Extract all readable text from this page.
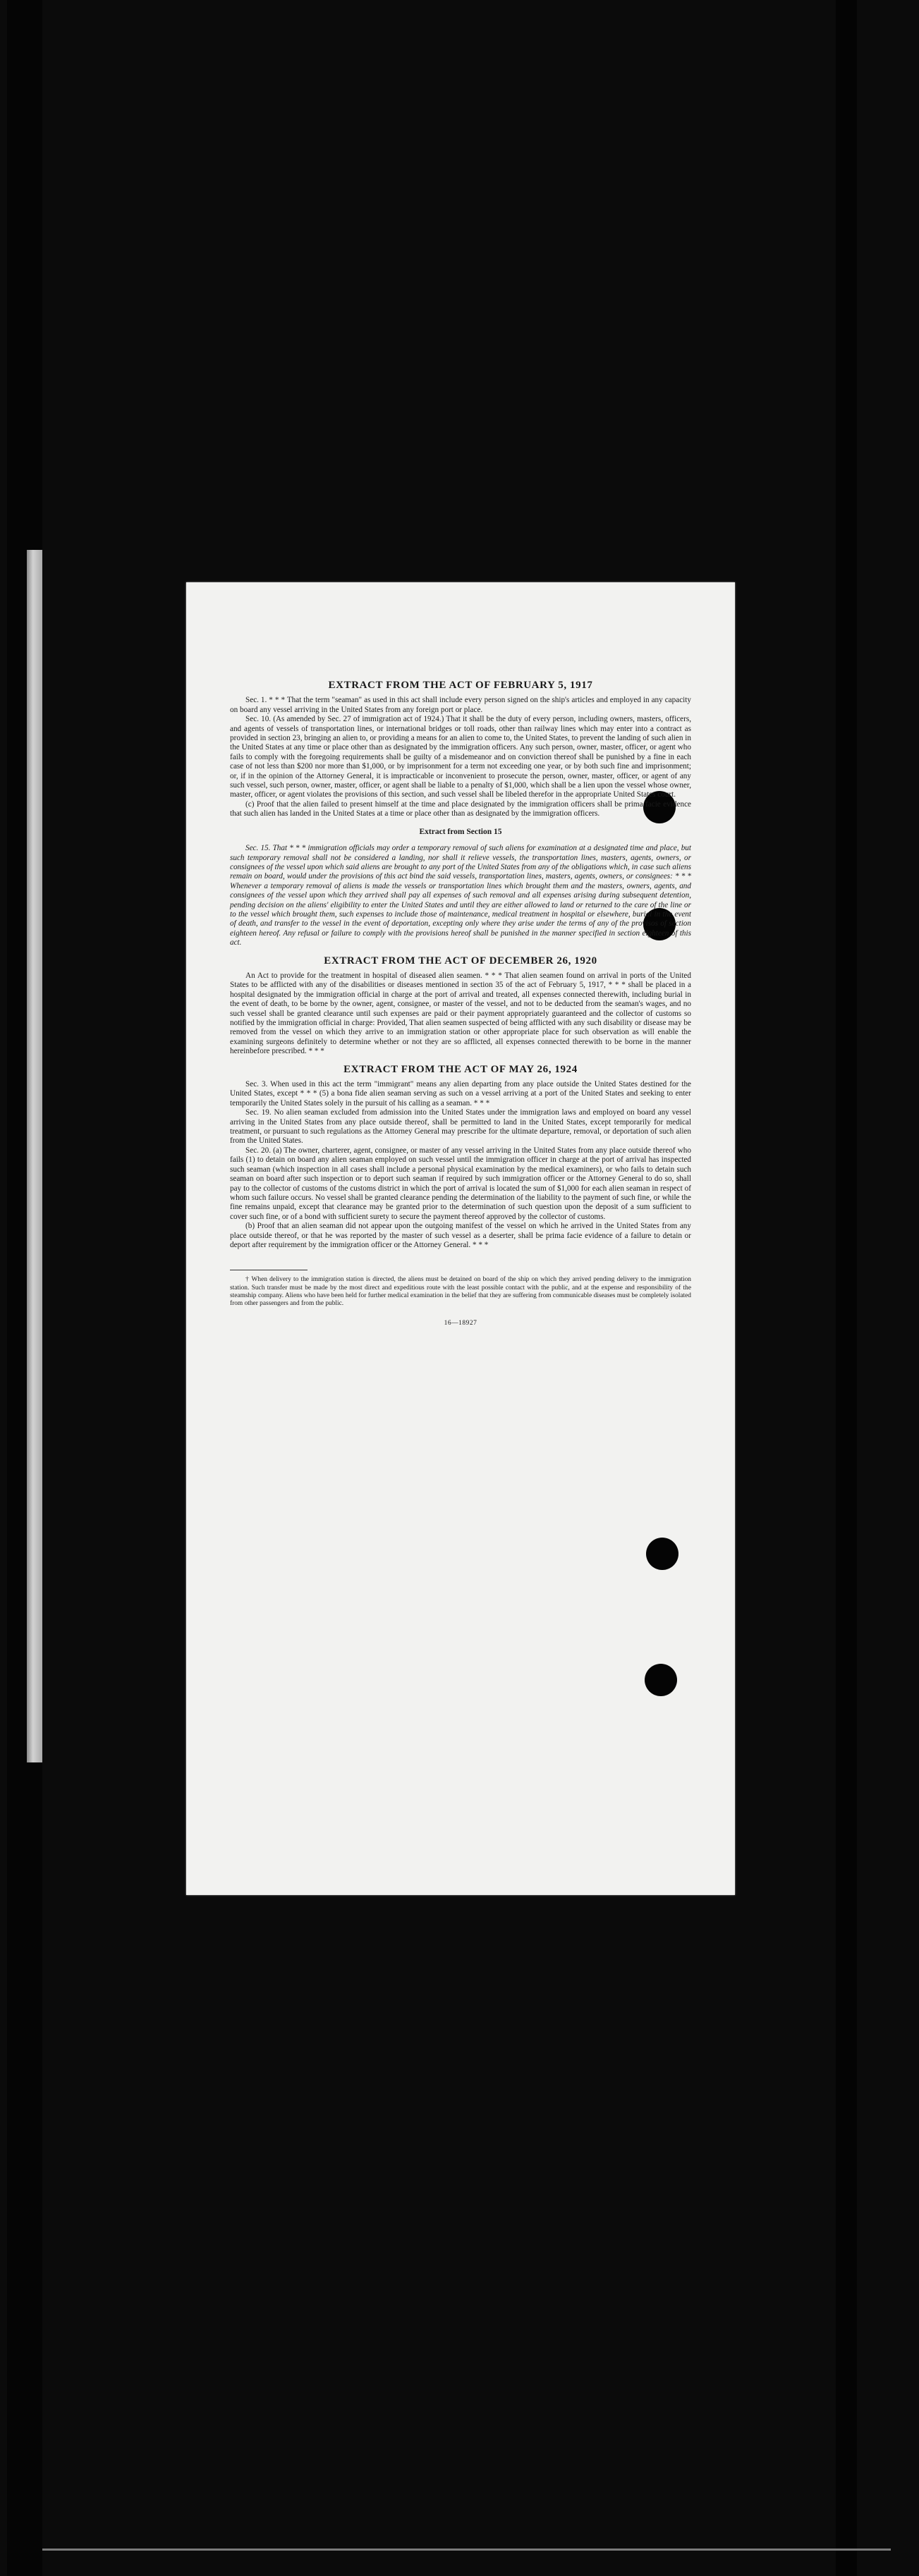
EXTRACT FROM THE ACT OF FEBRUARY 5, 1917

Sec. 1. * * * That the term "seaman" as used in this act shall include every person signed on the ship's articles and employed in any capacity on board any vessel arriving in the United States from any foreign port or place.

Sec. 10. (As amended by Sec. 27 of immigration act of 1924.) That it shall be the duty of every person, including owners, masters, officers, and agents of vessels of transportation lines, or international bridges or toll roads, other than railway lines which may enter into a contract as provided in section 23, bringing an alien to, or providing a means for an alien to come to, the United States, to prevent the landing of such alien in the United States at any time or place other than as designated by the immigration officers. Any such person, owner, master, officer, or agent who fails to comply with the foregoing requirements shall be guilty of a misdemeanor and on conviction thereof shall be punished by a fine in each case of not less than $200 nor more than $1,000, or by imprisonment for a term not exceeding one year, or by both such fine and imprisonment; or, if in the opinion of the Attorney General, it is impracticable or inconvenient to prosecute the person, owner, master, officer, or agent of any such vessel, such person, owner, master, officer, or agent shall be liable to a penalty of $1,000, which shall be a lien upon the vessel whose owner, master, officer, or agent violates the provisions of this section, and such vessel shall be libeled therefor in the appropriate United States court.

(c) Proof that the alien failed to present himself at the time and place designated by the immigration officers shall be prima facie evidence that such alien has landed in the United States at a time or place other than as designated by the immigration officers.

Extract from Section 15

Sec. 15. That * * * immigration officials may order a temporary removal of such aliens for examination at a designated time and place, but such temporary removal shall not be considered a landing, nor shall it relieve vessels, the transportation lines, masters, agents, owners, or consignees of the vessel upon which said aliens are brought to any port of the United States from any of the obligations which, in case such aliens remain on board, would under the provisions of this act bind the said vessels, transportation lines, masters, agents, owners, or consignees: * * * Whenever a temporary removal of aliens is made the vessels or transportation lines which brought them and the masters, owners, agents, and consignees of the vessel upon which they arrived shall pay all expenses of such removal and all expenses arising during subsequent detention, pending decision on the aliens' eligibility to enter the United States and until they are either allowed to land or returned to the care of the line or to the vessel which brought them, such expenses to include those of maintenance, medical treatment in hospital or elsewhere, burial in the event of death, and transfer to the vessel in the event of deportation, excepting only where they arise under the terms of any of the provisos of section eighteen hereof. Any refusal or failure to comply with the provisions hereof shall be punished in the manner specified in section eighteen of this act.

EXTRACT FROM THE ACT OF DECEMBER 26, 1920

An Act to provide for the treatment in hospital of diseased alien seamen. * * * That alien seamen found on arrival in ports of the United States to be afflicted with any of the disabilities or diseases mentioned in section 35 of the act of February 5, 1917, * * * shall be placed in a hospital designated by the immigration official in charge at the port of arrival and treated, all expenses connected therewith, including burial in the event of death, to be borne by the owner, agent, consignee, or master of the vessel, and not to be deducted from the seaman's wages, and no such vessel shall be granted clearance until such expenses are paid or their payment appropriately guaranteed and the collector of customs so notified by the immigration official in charge: Provided, That alien seamen suspected of being afflicted with any such disability or disease may be removed from the vessel on which they arrive to an immigration station or other appropriate place for such observation as will enable the examining surgeons definitely to determine whether or not they are so afflicted, all expenses connected therewith to be borne in the manner hereinbefore prescribed. * * *

EXTRACT FROM THE ACT OF MAY 26, 1924

Sec. 3. When used in this act the term "immigrant" means any alien departing from any place outside the United States destined for the United States, except * * * (5) a bona fide alien seaman serving as such on a vessel arriving at a port of the United States and seeking to enter temporarily the United States solely in the pursuit of his calling as a seaman. * * *

Sec. 19. No alien seaman excluded from admission into the United States under the immigration laws and employed on board any vessel arriving in the United States from any place outside thereof, shall be permitted to land in the United States, except temporarily for medical treatment, or pursuant to such regulations as the Attorney General may prescribe for the ultimate departure, removal, or deportation of such alien from the United States.

Sec. 20. (a) The owner, charterer, agent, consignee, or master of any vessel arriving in the United States from any place outside thereof who fails (1) to detain on board any alien seaman employed on such vessel until the immigration officer in charge at the port of arrival has inspected such seaman (which inspection in all cases shall include a personal physical examination by the medical examiners), or who fails to detain such seaman on board after such inspection or to deport such seaman if required by such immigration officer or the Attorney General to do so, shall pay to the collector of customs of the customs district in which the port of arrival is located the sum of $1,000 for each alien seaman in respect of whom such failure occurs. No vessel shall be granted clearance pending the determination of the liability to the payment of such fine, or while the fine remains unpaid, except that clearance may be granted prior to the determination of such question upon the deposit of a sum sufficient to cover such fine, or of a bond with sufficient surety to secure the payment thereof approved by the collector of customs.

(b) Proof that an alien seaman did not appear upon the outgoing manifest of the vessel on which he arrived in the United States from any place outside thereof, or that he was reported by the master of such vessel as a deserter, shall be prima facie evidence of a failure to detain or deport after requirement by the immigration officer or the Attorney General. * * *

† When delivery to the immigration station is directed, the aliens must be detained on board of the ship on which they arrived pending delivery to the immigration station. Such transfer must be made by the most direct and expeditious route with the least possible contact with the public, and at the expense and responsibility of the steamship company. Aliens who have been held for further medical examination in the belief that they are suffering from communicable diseases must be completely isolated from other passengers and from the public.

16—18927
